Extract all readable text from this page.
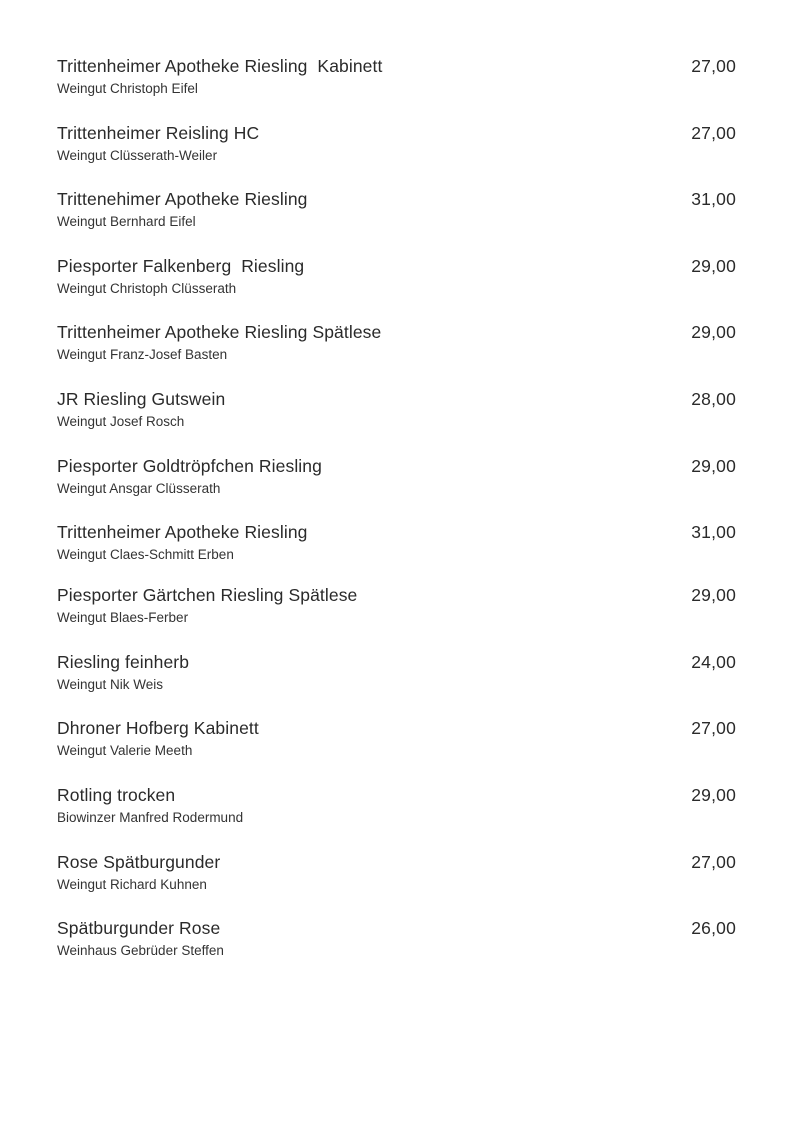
Trittenheimer Apotheke Riesling  Kabinett
Weingut Christoph Eifel
27,00
Trittenheimer Reisling HC
Weingut Clüsserath-Weiler
27,00
Trittenehimer Apotheke Riesling
Weingut Bernhard Eifel
31,00
Piesporter Falkenberg  Riesling
Weingut Christoph Clüsserath
29,00
Trittenheimer Apotheke Riesling Spätlese
Weingut Franz-Josef Basten
29,00
JR Riesling Gutswein
Weingut Josef Rosch
28,00
Piesporter Goldtröpfchen Riesling
Weingut Ansgar Clüsserath
29,00
Trittenheimer Apotheke Riesling
Weingut Claes-Schmitt Erben
31,00
Piesporter Gärtchen Riesling Spätlese
Weingut Blaes-Ferber
29,00
Riesling feinherb
Weingut Nik Weis
24,00
Dhroner Hofberg Kabinett
Weingut Valerie Meeth
27,00
Rotling trocken
Biowinzer Manfred Rodermund
29,00
Rose Spätburgunder
Weingut Richard Kuhnen
27,00
Spätburgunder Rose
Weinhaus Gebrüder Steffen
26,00
